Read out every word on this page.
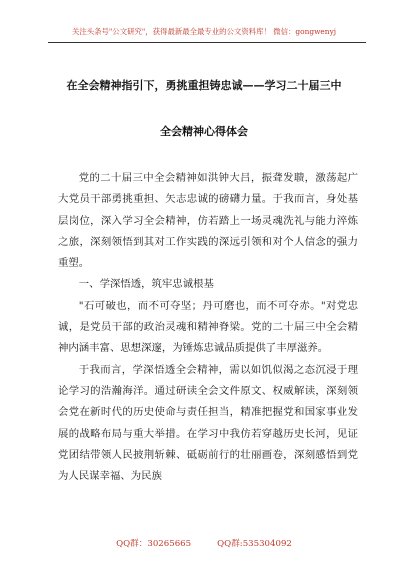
关注头条号"公文研究"，获得最新最全最专业的公文资料库！ 微信：gongwenyj
在全会精神指引下，勇挑重担铸忠诚——学习二十届三中
全会精神心得体会

党的二十届三中全会精神如洪钟大吕，振聋发聩，激荡起广大党员干部勇挑重担、矢志忠诚的磅礴力量。于我而言，身处基层岗位，深入学习全会精神，仿若踏上一场灵魂洗礼与能力淬炼之旅，深刻领悟到其对工作实践的深远引领和对个人信念的强力重塑。

一、学深悟透，筑牢忠诚根基

"石可破也，而不可夺坚；丹可磨也，而不可夺赤。"对党忠诚，是党员干部的政治灵魂和精神脊梁。党的二十届三中全会精神内涵丰富、思想深邃，为锤炼忠诚品质提供了丰厚滋养。

于我而言，学深悟透全会精神，需以如饥似渴之态沉浸于理论学习的浩瀚海洋。通过研读全会文件原文、权威解读，深刻领会党在新时代的历史使命与责任担当，精准把握党和国家事业发展的战略布局与重大举措。在学习中我仿若穿越历史长河，见证党团结带领人民披荆斩棘、砥砺前行的壮丽画卷，深刻感悟到党为人民谋幸福、为民族

QQ群：30265665	QQ群:535304092
